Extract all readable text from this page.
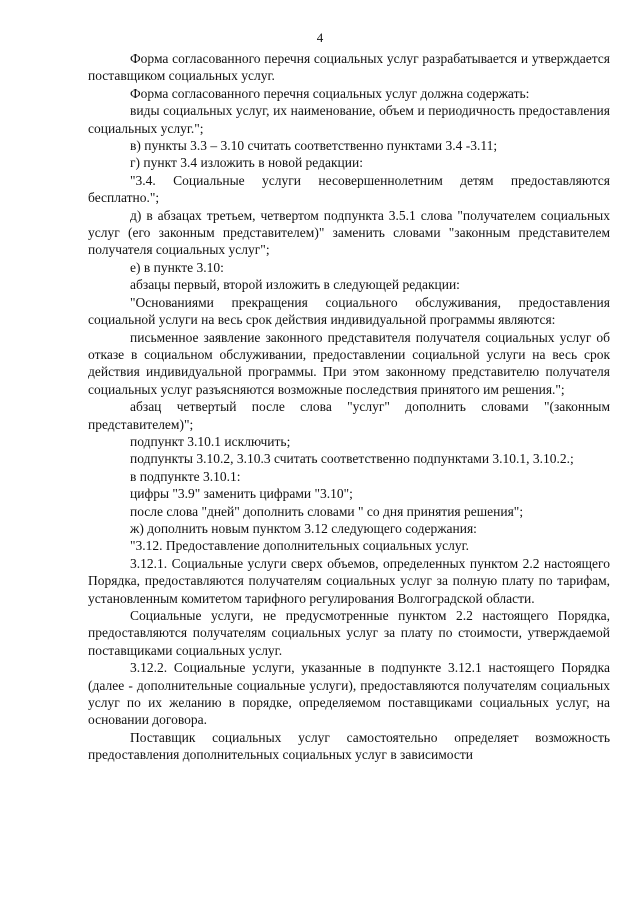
4

Форма согласованного перечня социальных услуг разрабатывается и утверждается поставщиком социальных услуг.

Форма согласованного перечня социальных услуг должна содержать:

виды социальных услуг, их наименование, объем и периодичность предоставления социальных услуг.";

в) пункты 3.3 – 3.10 считать соответственно пунктами 3.4 -3.11;

г) пункт 3.4 изложить в новой редакции:

"3.4. Социальные услуги несовершеннолетним детям предоставляются бесплатно.";

д) в абзацах третьем, четвертом подпункта 3.5.1 слова "получателем социальных услуг (его законным представителем)" заменить словами "законным представителем получателя социальных услуг";

е) в пункте 3.10:

абзацы первый, второй изложить в следующей редакции:

"Основаниями прекращения социального обслуживания, предоставления социальной услуги на весь срок действия индивидуальной программы являются:

письменное заявление законного представителя получателя социальных услуг об отказе в социальном обслуживании, предоставлении социальной услуги на весь срок действия индивидуальной программы. При этом законному представителю получателя социальных услуг разъясняются возможные последствия принятого им решения.";

абзац четвертый после слова "услуг" дополнить словами "(законным представителем)";

подпункт 3.10.1 исключить;

подпункты 3.10.2, 3.10.3 считать соответственно подпунктами 3.10.1, 3.10.2.;

в подпункте 3.10.1:

цифры "3.9" заменить цифрами "3.10";

после слова "дней" дополнить словами " со дня принятия решения";

ж) дополнить новым пунктом 3.12 следующего содержания:

"3.12. Предоставление дополнительных социальных услуг.

3.12.1. Социальные услуги сверх объемов, определенных пунктом 2.2 настоящего Порядка, предоставляются получателям социальных услуг за полную плату по тарифам, установленным комитетом тарифного регулирования Волгоградской области.

Социальные услуги, не предусмотренные пунктом 2.2 настоящего Порядка, предоставляются получателям социальных услуг за плату по стоимости, утверждаемой поставщиками социальных услуг.

3.12.2. Социальные услуги, указанные в подпункте 3.12.1 настоящего Порядка (далее - дополнительные социальные услуги), предоставляются получателям социальных услуг по их желанию в порядке, определяемом поставщиками социальных услуг, на основании договора.

Поставщик социальных услуг самостоятельно определяет возможность предоставления дополнительных социальных услуг в зависимости
